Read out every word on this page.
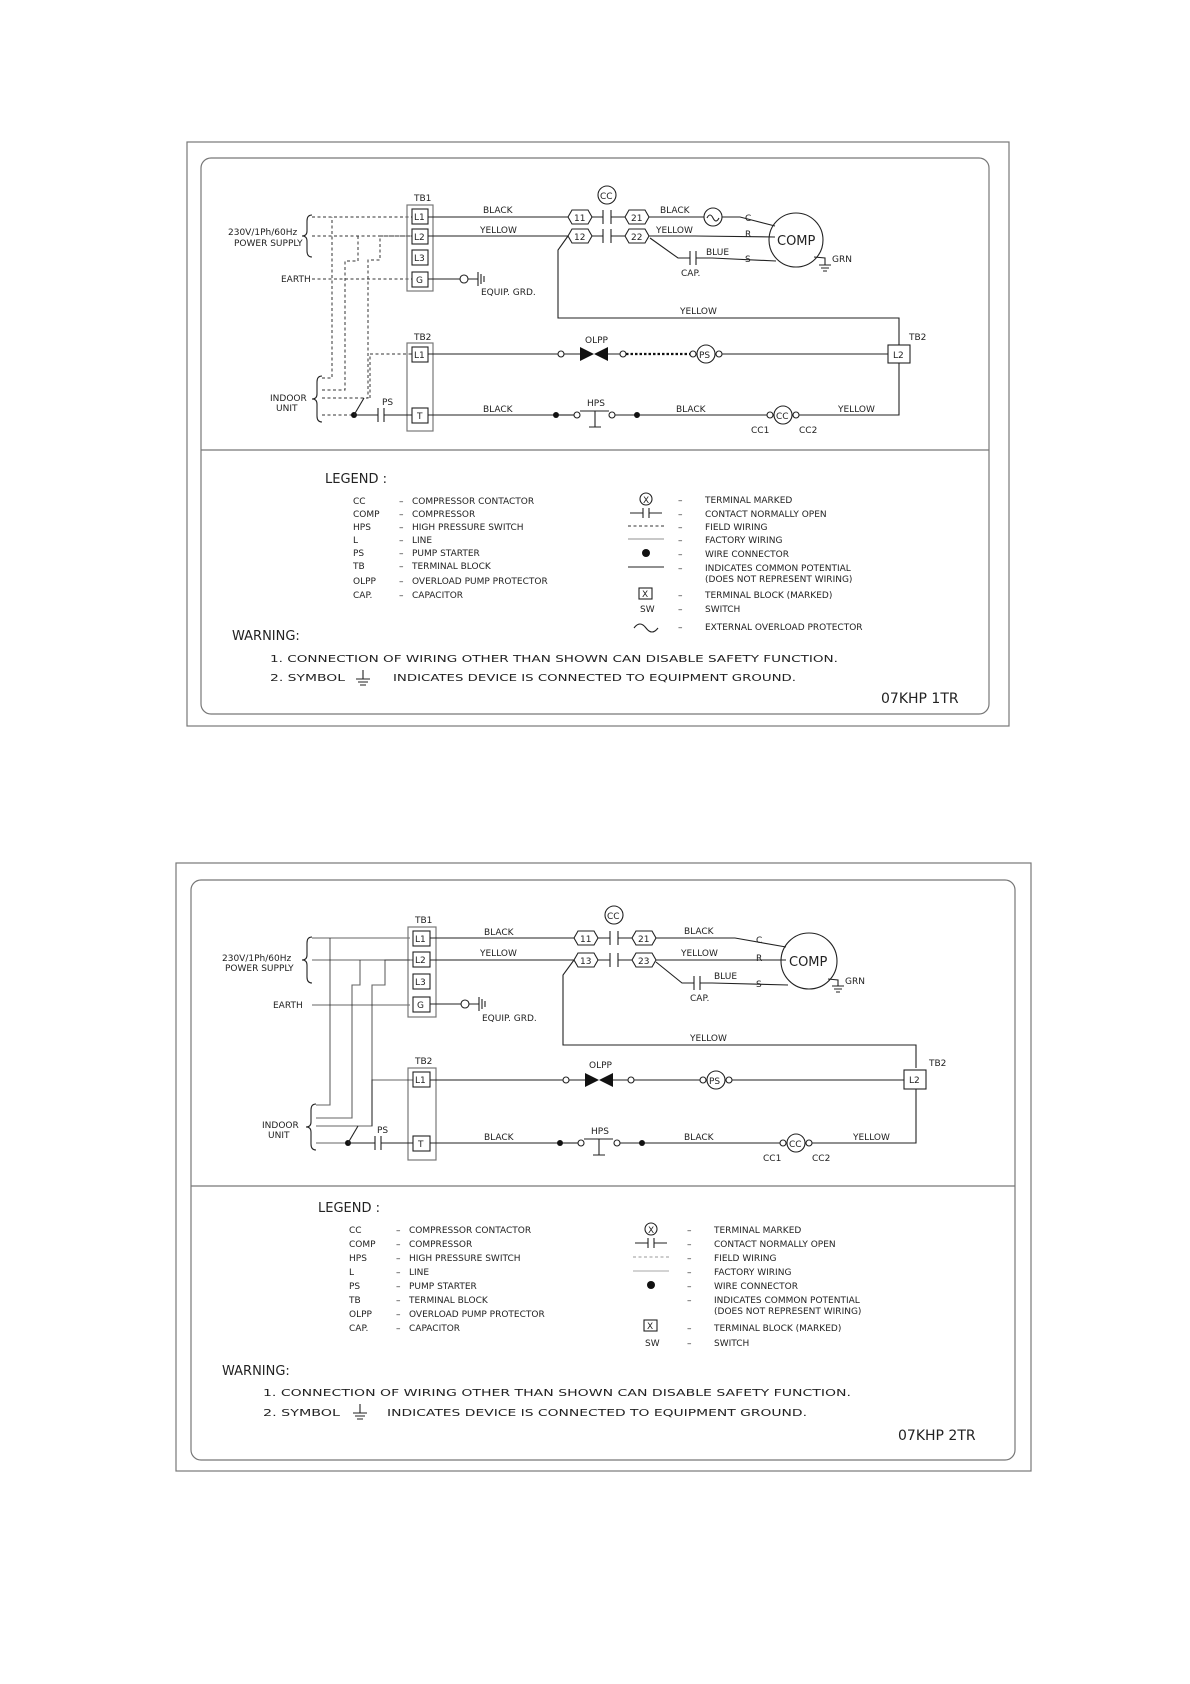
230V/1Ph/60Hz
POWER SUPPLY
EARTH
TB1
L1
L2
L3
G
EQUIP. GRD.
BLACK
YELLOW
CC
11
12
21
22
BLACK
YELLOW
BLUE
CAP.
C
R
S
COMP
GRN
YELLOW
TB2
L1
T
OLPP
PS
TB2
L2
INDOOR
UNIT
PS
BLACK
HPS
BLACK
CC
CC1	CC2
YELLOW
LEGEND :
CC	– COMPRESSOR CONTACTOR
COMP – COMPRESSOR
HPS	– HIGH PRESSURE SWITCH
L	– LINE
PS	– PUMP STARTER
TB	– TERMINAL BLOCK
OLPP	– OVERLOAD PUMP PROTECTOR
CAP.	– CAPACITOR
X	–	TERMINAL MARKED
–	CONTACT NORMALLY OPEN
–	FIELD WIRING
–	FACTORY WIRING
–	WIRE CONNECTOR
–	INDICATES COMMON POTENTIAL
(DOES NOT REPRESENT WIRING)
X	–	TERMINAL BLOCK (MARKED)
SW	–	SWITCH
–	EXTERNAL OVERLOAD PROTECTOR
WARNING:
1. CONNECTION OF WIRING OTHER THAN SHOWN CAN DISABLE SAFETY FUNCTION.
2. SYMBOL	INDICATES DEVICE IS CONNECTED TO EQUIPMENT GROUND.
07KHP 1TR
230V/1Ph/60Hz
POWER SUPPLY
EARTH
TB1
L1
L2
L3
G
EQUIP. GRD.
BLACK
YELLOW
CC
11
13
21
23
BLACK
YELLOW
BLUE
CAP.
C
R
S
COMP
GRN
YELLOW
TB2
L1
T
OLPP
PS
TB2
L2
INDOOR
UNIT	PS
BLACK
HPS
BLACK
CC
CC1	CC2
YELLOW
LEGEND :
CC	– COMPRESSOR CONTACTOR
COMP – COMPRESSOR
HPS	– HIGH PRESSURE SWITCH
L	– LINE
PS	– PUMP STARTER
TB	– TERMINAL BLOCK
OLPP	– OVERLOAD PUMP PROTECTOR
CAP.	– CAPACITOR
X	–	TERMINAL MARKED
–	CONTACT NORMALLY OPEN
–	FIELD WIRING
–	FACTORY WIRING
–	WIRE CONNECTOR
–	INDICATES COMMON POTENTIAL
(DOES NOT REPRESENT WIRING)
X	–	TERMINAL BLOCK (MARKED)
SW	–	SWITCH
WARNING:
1. CONNECTION OF WIRING OTHER THAN SHOWN CAN DISABLE SAFETY FUNCTION.
2. SYMBOL	INDICATES DEVICE IS CONNECTED TO EQUIPMENT GROUND.
07KHP 2TR
